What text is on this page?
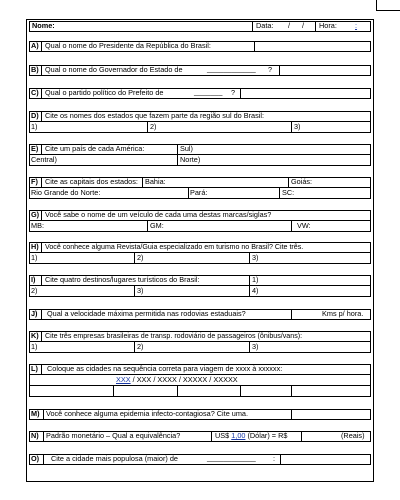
Nome:	Data: / / Hora: :
A) Qual o nome do Presidente da República do Brasil:
B) Qual o nome do Governador do Estado de	____________ ?
C) Qual o partido político do Prefeito de	_______ ?
D) Cite os nomes dos estados que fazem parte da região sul do Brasil:
1)	2)	3)
E) Cite um país de cada América:	Sul)
Central)	Norte)
F) Cite as capitais dos estados: Bahia:	Goiás:
Rio Grande do Norte:	Pará:	SC:
G) Você sabe o nome de um veículo de cada uma destas marcas/siglas?
MB:	GM:	VW:
H) Você conhece alguma Revista/Guia especializado em turismo no Brasil? Cite três.
1)	2)	3)
I) Cite quatro destinos/lugares turísticos do Brasil:	1)
2)	3)	4)
J) Qual a velocidade máxima permitida nas rodovias estaduais?	Kms p/ hora.
K) Cite três empresas brasileiras de transp. rodoviário de passageiros (ônibus/vans):
1)	2)	3)
L) Coloque as cidades na sequência correta para viagem de xxxx à xxxxxx:
XXX / XXX / XXXX / XXXXX / XXXXX
M) Você conhece alguma epidemia infecto-contagiosa? Cite uma.
N) Padrão monetário – Qual a equivalência?	US$ 1,00 (Dólar) = R$	(Reais)
O) Cite a cidade mais populosa (maior) de	____________ :
